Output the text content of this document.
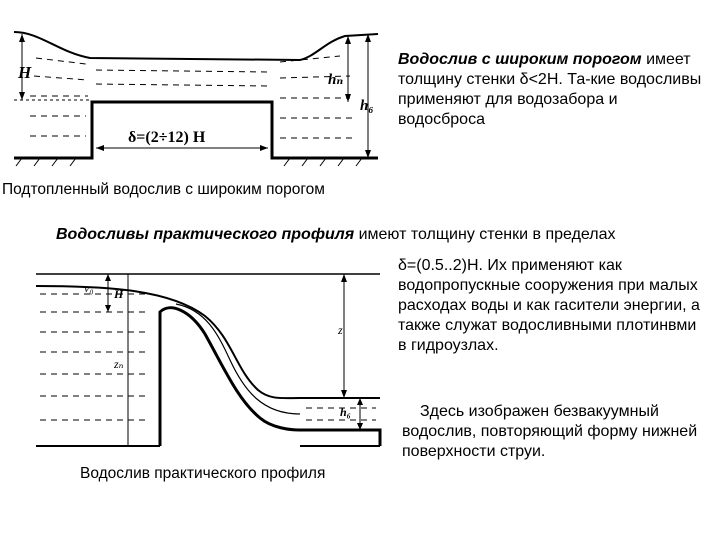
H	hₙ
h₆
δ=(2÷12) H
Водослив с широким порогом имеет толщину стенки δ<2H. Та-кие водосливы применяют для водозабора и водосброса
Подтопленный водослив с широким порогом
Водосливы практического профиля имеют толщину стенки в пределах
v₀ H
z
zₙ
h₆
δ=(0.5..2)H. Их применяют как водопропускные сооружения при малых расходах воды и как гасители энергии, а также служат водосливными плотинвми в гидроузлах.
Здесь изображен безвакуумный водослив, повторяющий форму нижней поверхности струи.
Водослив практического профиля
